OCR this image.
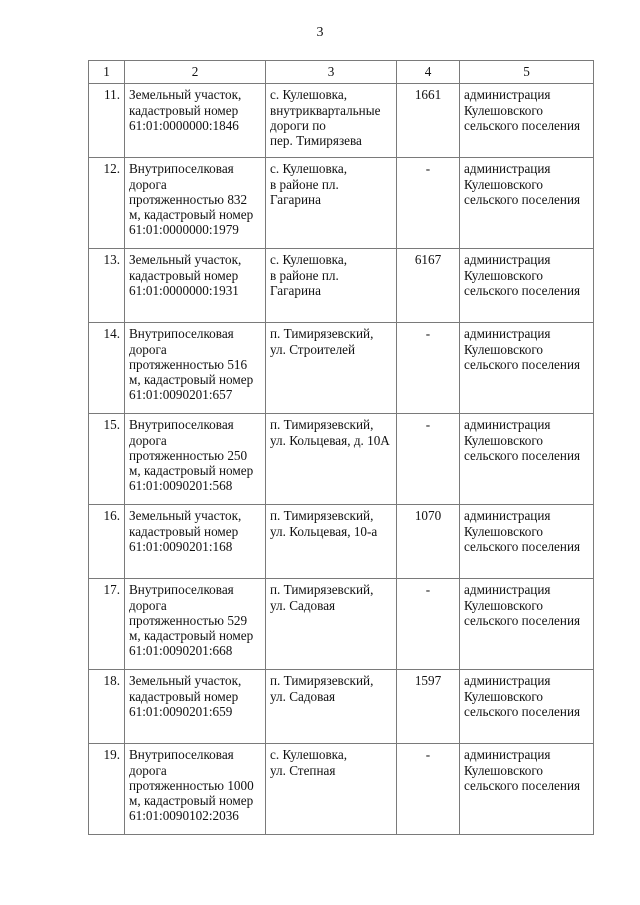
3
1	2	3	4	5
11.	Земельный участок,
кадастровый номер
61:01:0000000:1846	с. Кулешовка,
внутриквартальные дороги по
пер. Тимирязева	1661	администрация
Кулешовского
сельского поселения

12.	Внутрипоселковая
дорога протяженностью 832 м, кадастровый номер
61:01:0000000:1979	с. Кулешовка,
в районе пл. Гагарина	-	администрация
Кулешовского
сельского поселения

13.	Земельный участок,
кадастровый номер
61:01:0000000:1931	с. Кулешовка,
в районе пл. Гагарина	6167	администрация
Кулешовского
сельского поселения

14.	Внутрипоселковая
дорога протяженностью 516 м, кадастровый номер
61:01:0090201:657	п. Тимирязевский, ул. Строителей	-	администрация
Кулешовского
сельского поселения

15.	Внутрипоселковая
дорога протяженностью 250 м, кадастровый номер
61:01:0090201:568	п. Тимирязевский, ул. Кольцевая, д. 10А	-	администрация
Кулешовского
сельского поселения

16.	Земельный участок,
кадастровый номер
61:01:0090201:168	п. Тимирязевский, ул. Кольцевая, 10-а	1070	администрация
Кулешовского
сельского поселения

17.	Внутрипоселковая
дорога протяженностью 529 м, кадастровый номер
61:01:0090201:668	п. Тимирязевский, ул. Садовая	-	администрация
Кулешовского
сельского поселения

18.	Земельный участок,
кадастровый номер
61:01:0090201:659	п. Тимирязевский, ул. Садовая	1597	администрация
Кулешовского
сельского поселения

19.	Внутрипоселковая
дорога протяженностью 1000 м, кадастровый номер
61:01:0090102:2036	с. Кулешовка,
ул. Степная	-	администрация
Кулешовского
сельского поселения
